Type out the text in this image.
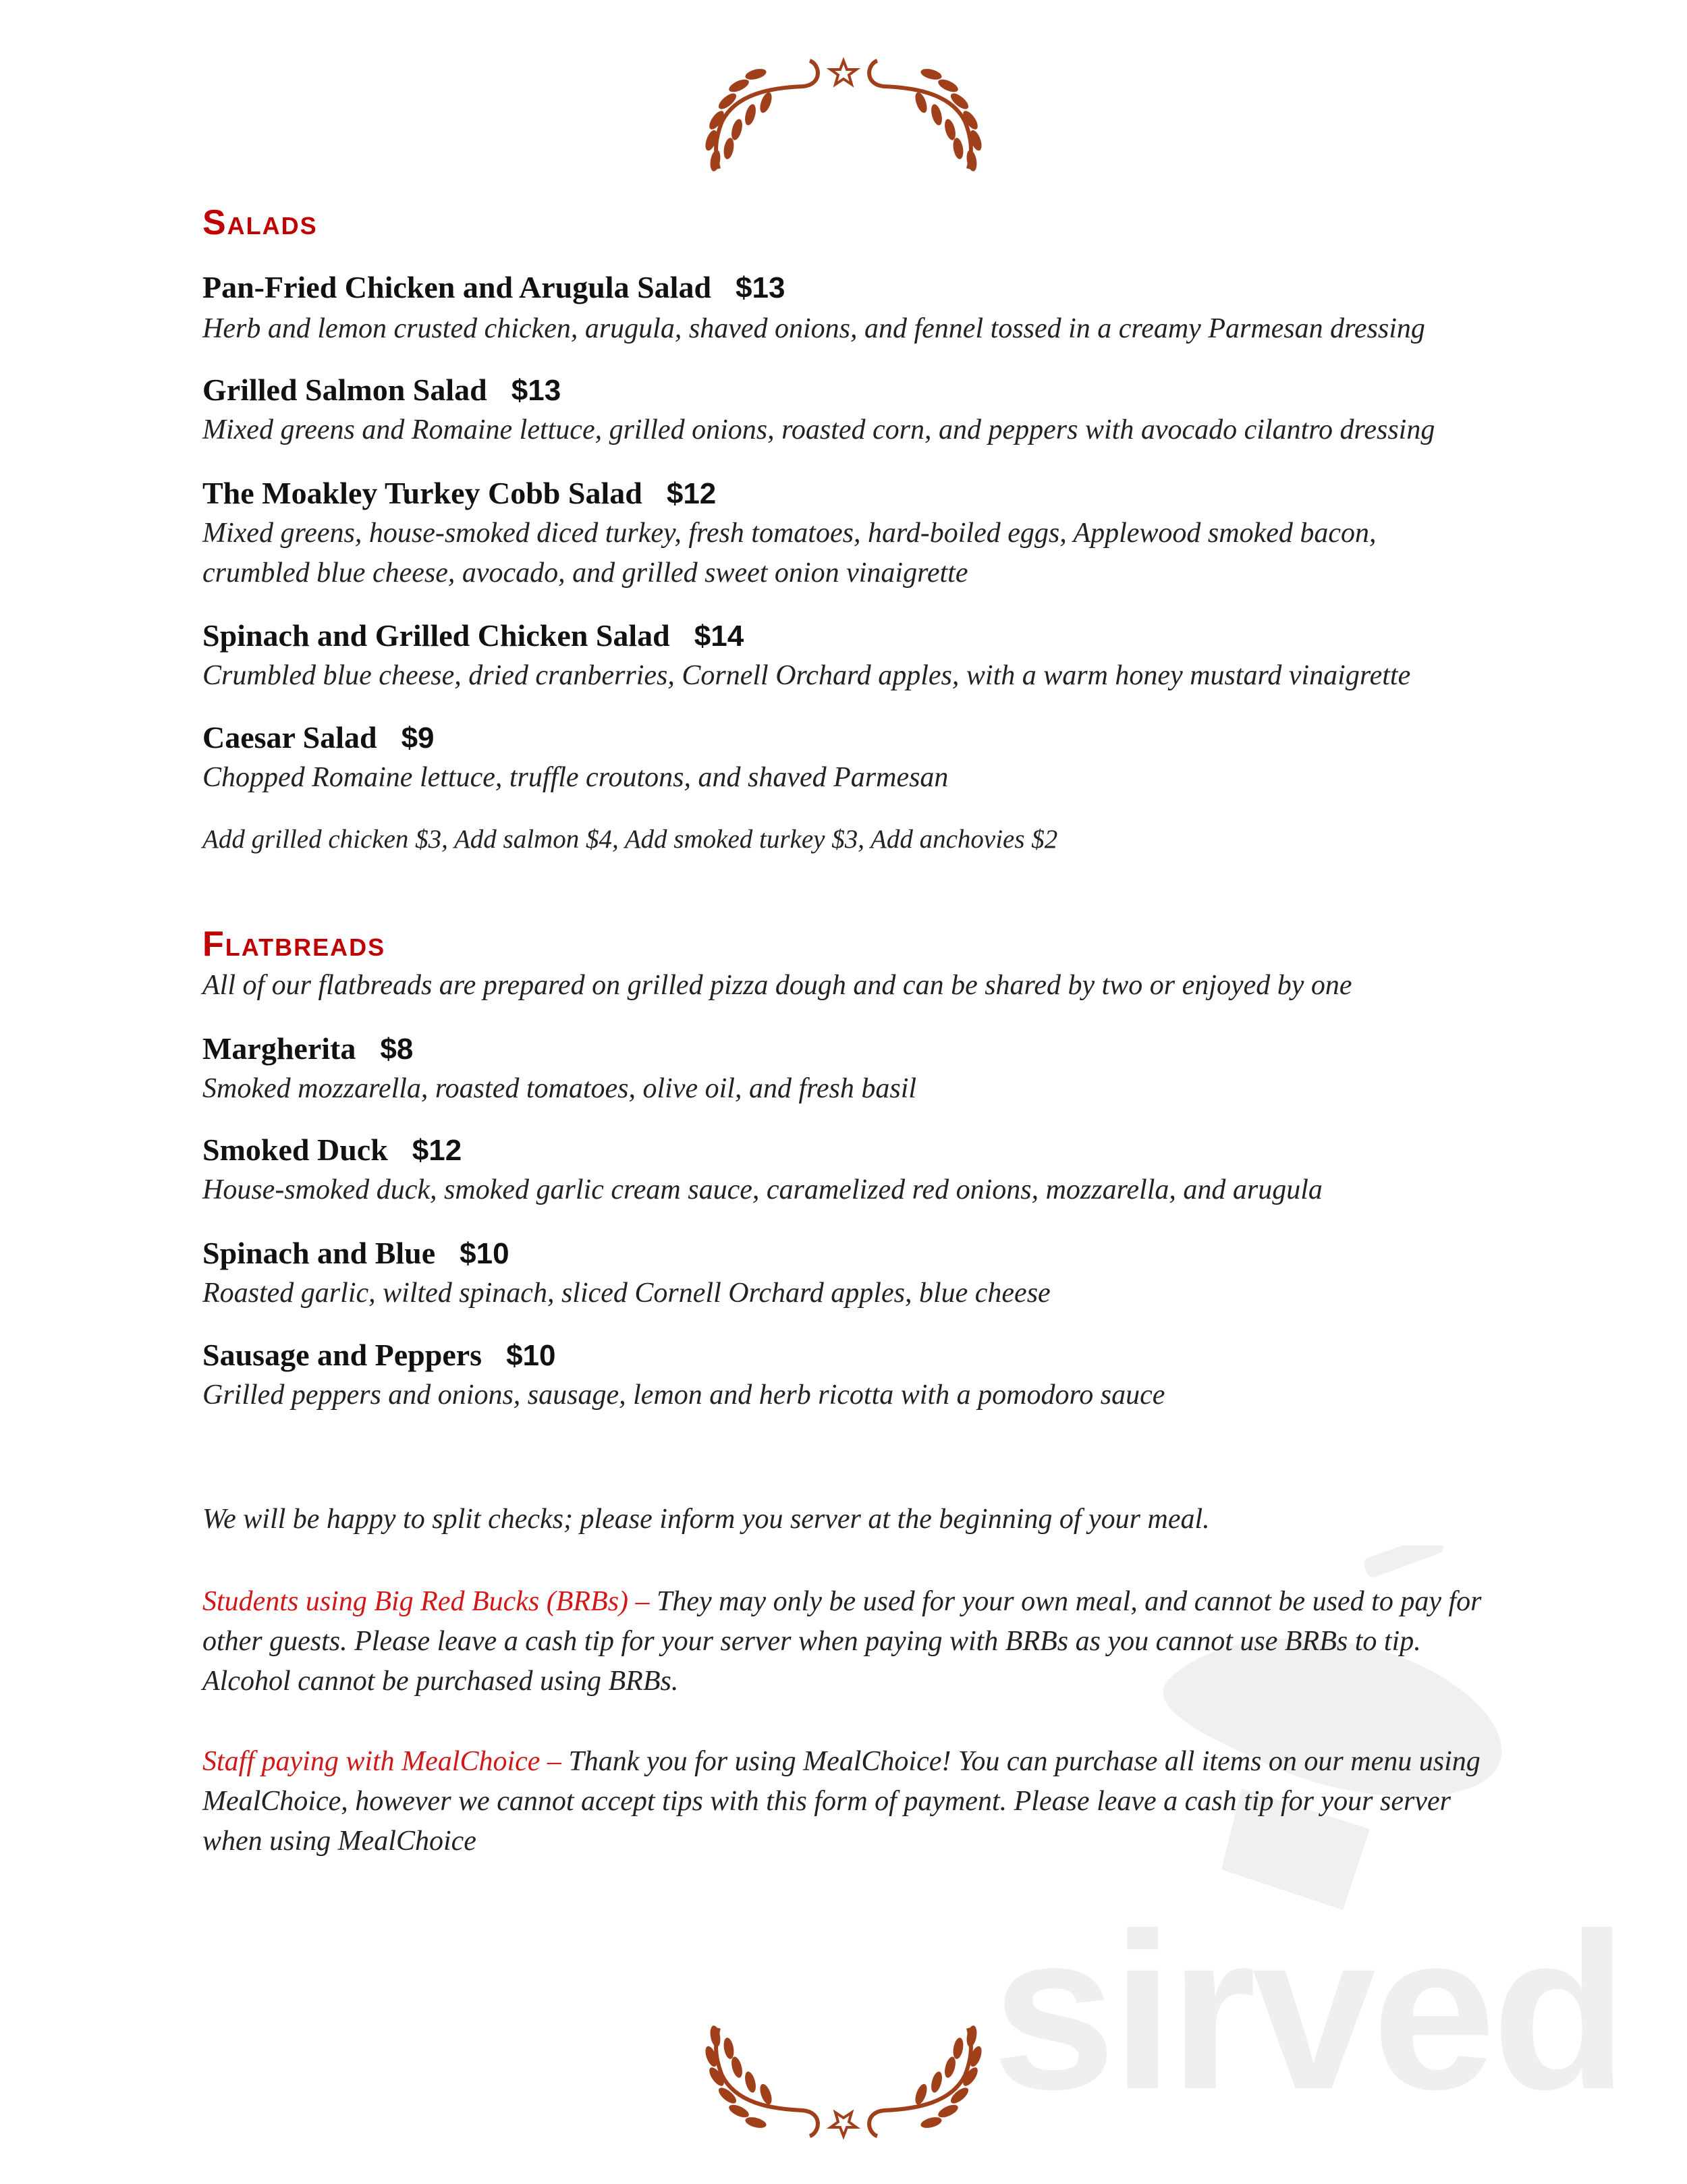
sirved
Salads
Pan-Fried Chicken and Arugula Salad $13
Herb and lemon crusted chicken, arugula, shaved onions, and fennel tossed in a creamy Parmesan dressing
Grilled Salmon Salad $13
Mixed greens and Romaine lettuce, grilled onions, roasted corn, and peppers with avocado cilantro dressing
The Moakley Turkey Cobb Salad $12
Mixed greens, house-smoked diced turkey, fresh tomatoes, hard-boiled eggs, Applewood smoked bacon, crumbled blue cheese, avocado, and grilled sweet onion vinaigrette
Spinach and Grilled Chicken Salad $14
Crumbled blue cheese, dried cranberries, Cornell Orchard apples, with a warm honey mustard vinaigrette
Caesar Salad $9
Chopped Romaine lettuce, truffle croutons, and shaved Parmesan
Add grilled chicken $3, Add salmon $4, Add smoked turkey $3, Add anchovies $2
Flatbreads
All of our flatbreads are prepared on grilled pizza dough and can be shared by two or enjoyed by one
Margherita $8
Smoked mozzarella, roasted tomatoes, olive oil, and fresh basil
Smoked Duck $12
House-smoked duck, smoked garlic cream sauce, caramelized red onions, mozzarella, and arugula
Spinach and Blue $10
Roasted garlic, wilted spinach, sliced Cornell Orchard apples, blue cheese
Sausage and Peppers $10
Grilled peppers and onions, sausage, lemon and herb ricotta with a pomodoro sauce
We will be happy to split checks; please inform you server at the beginning of your meal.
Students using Big Red Bucks (BRBs) – They may only be used for your own meal, and cannot be used to pay for other guests. Please leave a cash tip for your server when paying with BRBs as you cannot use BRBs to tip. Alcohol cannot be purchased using BRBs.
Staff paying with MealChoice – Thank you for using MealChoice! You can purchase all items on our menu using MealChoice, however we cannot accept tips with this form of payment. Please leave a cash tip for your server when using MealChoice
